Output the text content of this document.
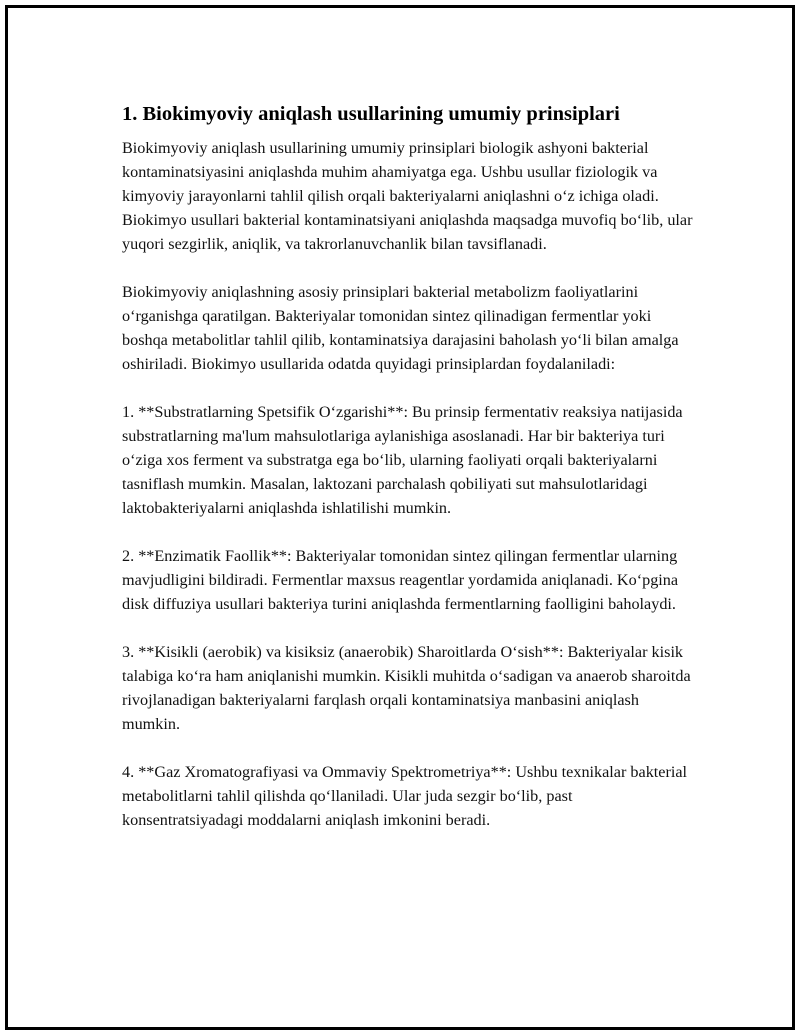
1. Biokimyoviy aniqlash usullarining umumiy prinsiplari

Biokimyoviy aniqlash usullarining umumiy prinsiplari biologik ashyoni bakterial kontaminatsiyasini aniqlashda muhim ahamiyatga ega. Ushbu usullar fiziologik va kimyoviy jarayonlarni tahlil qilish orqali bakteriyalarni aniqlashni o‘z ichiga oladi. Biokimyo usullari bakterial kontaminatsiyani aniqlashda maqsadga muvofiq bo‘lib, ular yuqori sezgirlik, aniqlik, va takrorlanuvchanlik bilan tavsiflanadi.

Biokimyoviy aniqlashning asosiy prinsiplari bakterial metabolizm faoliyatlarini o‘rganishga qaratilgan. Bakteriyalar tomonidan sintez qilinadigan fermentlar yoki boshqa metabolitlar tahlil qilib, kontaminatsiya darajasini baholash yo‘li bilan amalga oshiriladi. Biokimyo usullarida odatda quyidagi prinsiplardan foydalaniladi:

1. **Substratlarning Spetsifik O‘zgarishi**: Bu prinsip fermentativ reaksiya natijasida substratlarning ma'lum mahsulotlariga aylanishiga asoslanadi. Har bir bakteriya turi o‘ziga xos ferment va substratga ega bo‘lib, ularning faoliyati orqali bakteriyalarni tasniflash mumkin. Masalan, laktozani parchalash qobiliyati sut mahsulotlaridagi laktobakteriyalarni aniqlashda ishlatilishi mumkin.

2. **Enzimatik Faollik**: Bakteriyalar tomonidan sintez qilingan fermentlar ularning mavjudligini bildiradi. Fermentlar maxsus reagentlar yordamida aniqlanadi. Ko‘pgina disk diffuziya usullari bakteriya turini aniqlashda fermentlarning faolligini baholaydi.

3. **Kisikli (aerobik) va kisiksiz (anaerobik) Sharoitlarda O‘sish**: Bakteriyalar kisik talabiga ko‘ra ham aniqlanishi mumkin. Kisikli muhitda o‘sadigan va anaerob sharoitda rivojlanadigan bakteriyalarni farqlash orqali kontaminatsiya manbasini aniqlash mumkin.

4. **Gaz Xromatografiyasi va Ommaviy Spektrometriya**: Ushbu texnikalar bakterial metabolitlarni tahlil qilishda qo‘llaniladi. Ular juda sezgir bo‘lib, past konsentratsiyadagi moddalarni aniqlash imkonini beradi.
